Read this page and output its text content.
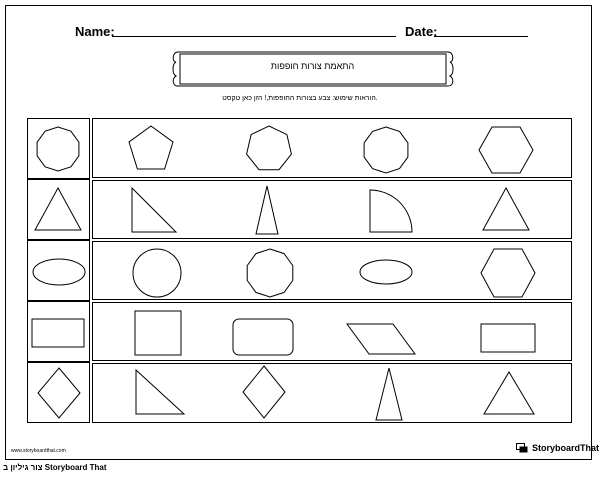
Name:	Date:
התאמת צורות חופפות
.הוראות שימוש: צבע בצורות החופפות,! הזן כאן טקסט
www.storyboardthat.com	StoryboardThat
צור גיליון ב Storyboard That
